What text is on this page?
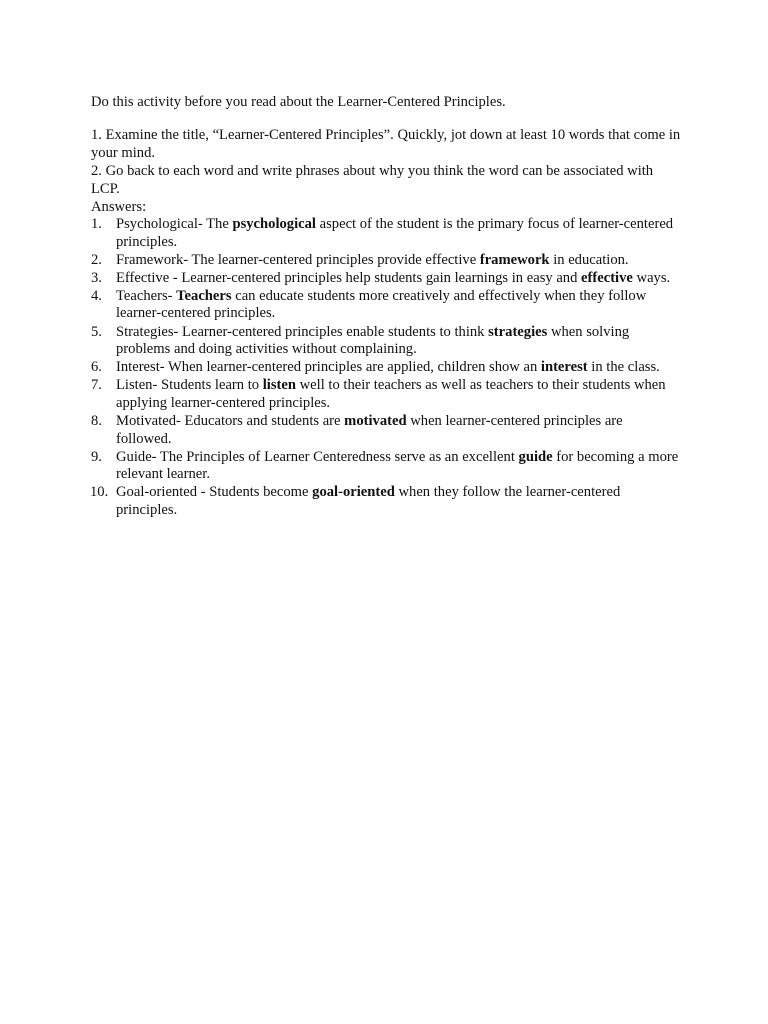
Do this activity before you read about the Learner-Centered Principles.

1. Examine the title, “Learner-Centered Principles”. Quickly, jot down at least 10 words that come in your mind.

2. Go back to each word and write phrases about why you think the word can be associated with LCP.

Answers:

1. Psychological- The psychological aspect of the student is the primary focus of learner-centered principles.
2. Framework- The learner-centered principles provide effective framework in education.
3. Effective - Learner-centered principles help students gain learnings in easy and effective ways.
4. Teachers- Teachers can educate students more creatively and effectively when they follow learner-centered principles.
5. Strategies- Learner-centered principles enable students to think strategies when solving problems and doing activities without complaining.
6. Interest- When learner-centered principles are applied, children show an interest in the class.
7. Listen- Students learn to listen well to their teachers as well as teachers to their students when applying learner-centered principles.
8. Motivated- Educators and students are motivated when learner-centered principles are followed.
9. Guide- The Principles of Learner Centeredness serve as an excellent guide for becoming a more relevant learner.
10. Goal-oriented - Students become goal-oriented when they follow the learner-centered principles.
